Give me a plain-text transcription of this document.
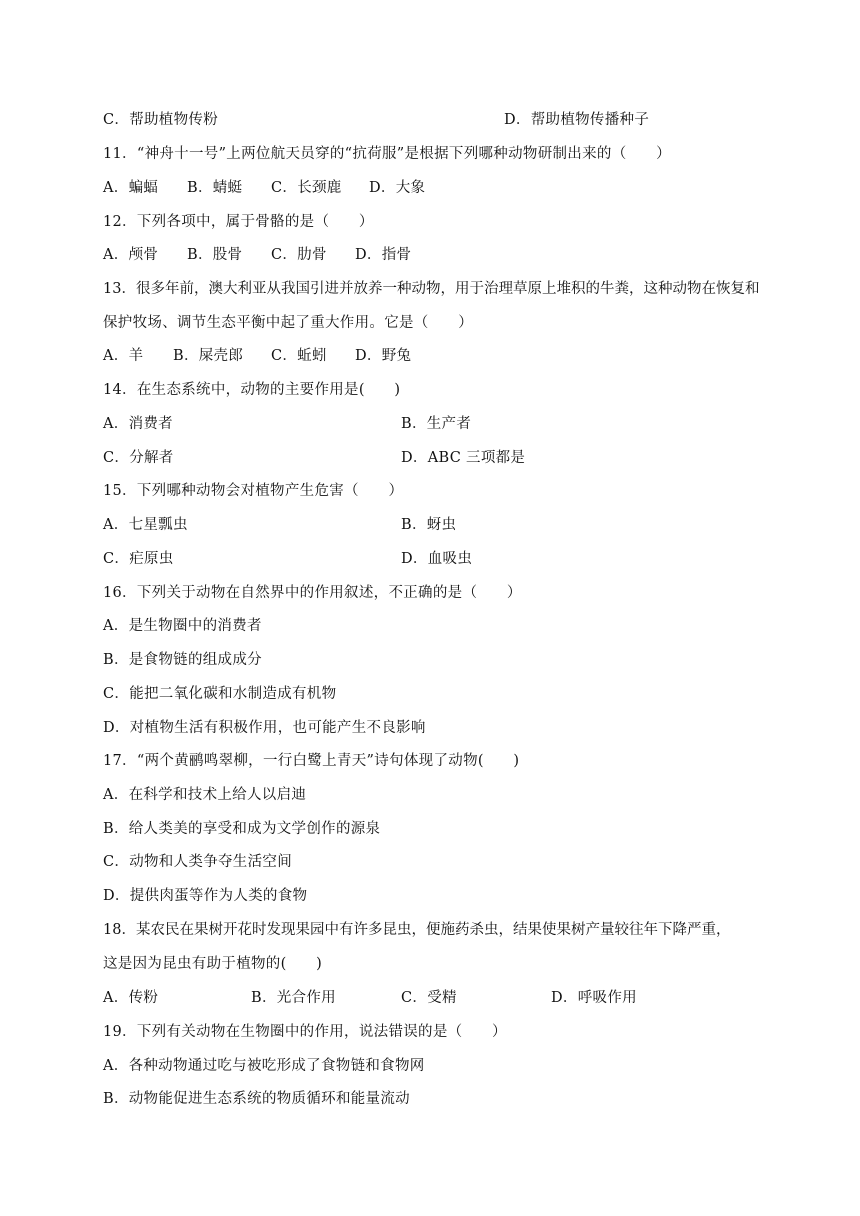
C．帮助植物传粉	D．帮助植物传播种子
11．“神舟十一号”上两位航天员穿的“抗荷服”是根据下列哪种动物研制出来的（　　）
A．蝙蝠 B．蜻蜓 C．长颈鹿 D．大象
12．下列各项中，属于骨骼的是（　　）
A．颅骨 B．股骨 C．肋骨 D．指骨
13．很多年前，澳大利亚从我国引进并放养一种动物，用于治理草原上堆积的牛粪，这种动物在恢复和
保护牧场、调节生态平衡中起了重大作用。它是（　　）
A．羊 B．屎壳郎 C．蚯蚓 D．野兔
14．在生态系统中，动物的主要作用是(　　)
A．消费者	B．生产者
C．分解者	D．ABC 三项都是
15．下列哪种动物会对植物产生危害（　　）
A．七星瓢虫	B．蚜虫
C．疟原虫	D．血吸虫
16．下列关于动物在自然界中的作用叙述，不正确的是（　　）
A．是生物圈中的消费者
B．是食物链的组成成分
C．能把二氧化碳和水制造成有机物
D．对植物生活有积极作用，也可能产生不良影响
17．“两个黄鹂鸣翠柳，一行白鹭上青天”诗句体现了动物(　　)
A．在科学和技术上给人以启迪
B．给人类美的享受和成为文学创作的源泉
C．动物和人类争夺生活空间
D．提供肉蛋等作为人类的食物
18．某农民在果树开花时发现果园中有许多昆虫，便施药杀虫，结果使果树产量较往年下降严重，
这是因为昆虫有助于植物的(　　)
A．传粉	B．光合作用	C．受精	D．呼吸作用
19．下列有关动物在生物圈中的作用，说法错误的是（　　）
A．各种动物通过吃与被吃形成了食物链和食物网
B．动物能促进生态系统的物质循环和能量流动
